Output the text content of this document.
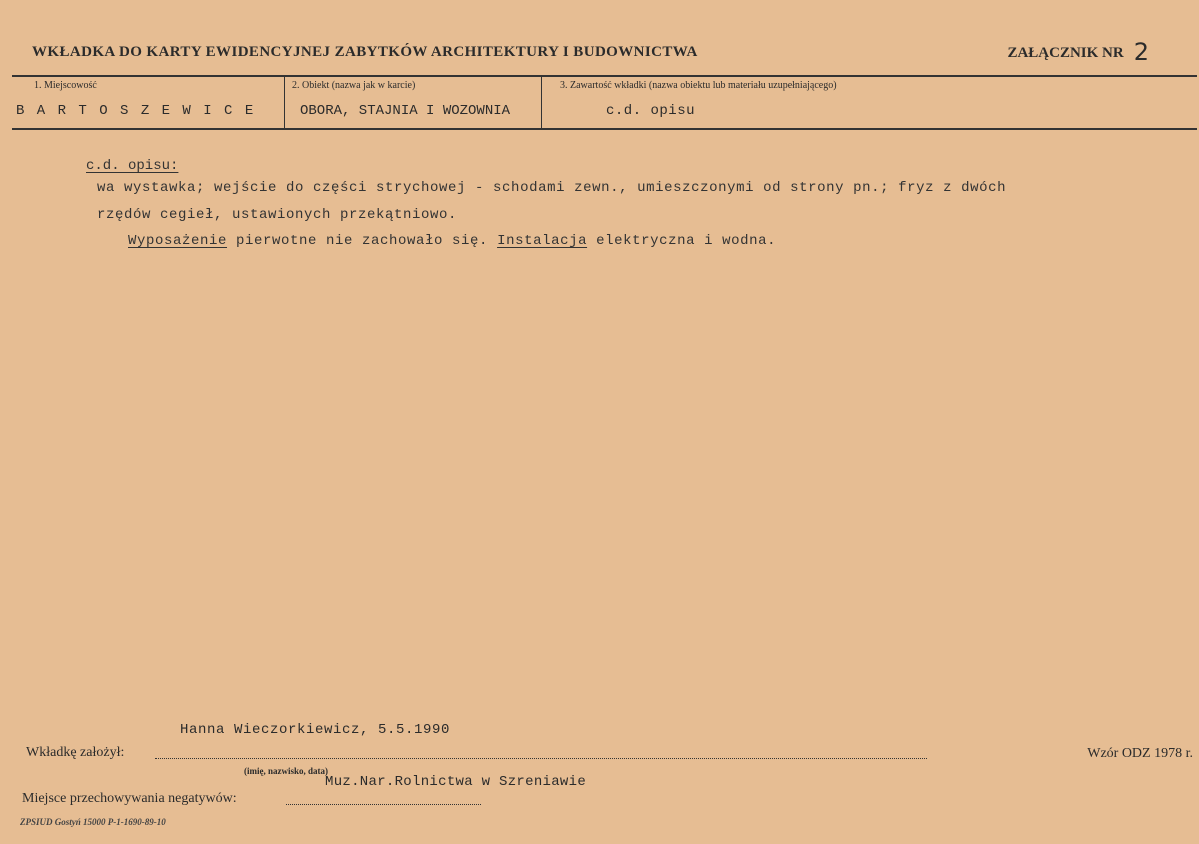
WKŁADKA DO KARTY EWIDENCYJNEJ ZABYTKÓW ARCHITEKTURY I BUDOWNICTWA	ZAŁĄCZNIK NR 2
1. Miejscowość
B A R T O S Z E W I C E
2. Obiekt (nazwa jak w karcie)
OBORA, STAJNIA I WOZOWNIA
3. Zawartość wkładki (nazwa obiektu lub materiału uzupełniającego)
c.d. opisu
c.d. opisu:
wa wystawka; wejście do części strychowej - schodami zewn., umieszczonymi od strony pn.; fryz z dwóch
rzędów cegieł, ustawionych przekątniowo.
Wyposażenie pierwotne nie zachowało się. Instalacja elektryczna i wodna.
Hanna Wieczorkiewicz, 5.5.1990
Wkładkę założył:
(imię, nazwisko, data)
Wzór ODZ 1978 r.
Muz.Nar.Rolnictwa w Szreniawie
Miejsce przechowywania negatywów:
ZPSIUD Gostyń 15000 P-1-1690-89-10
